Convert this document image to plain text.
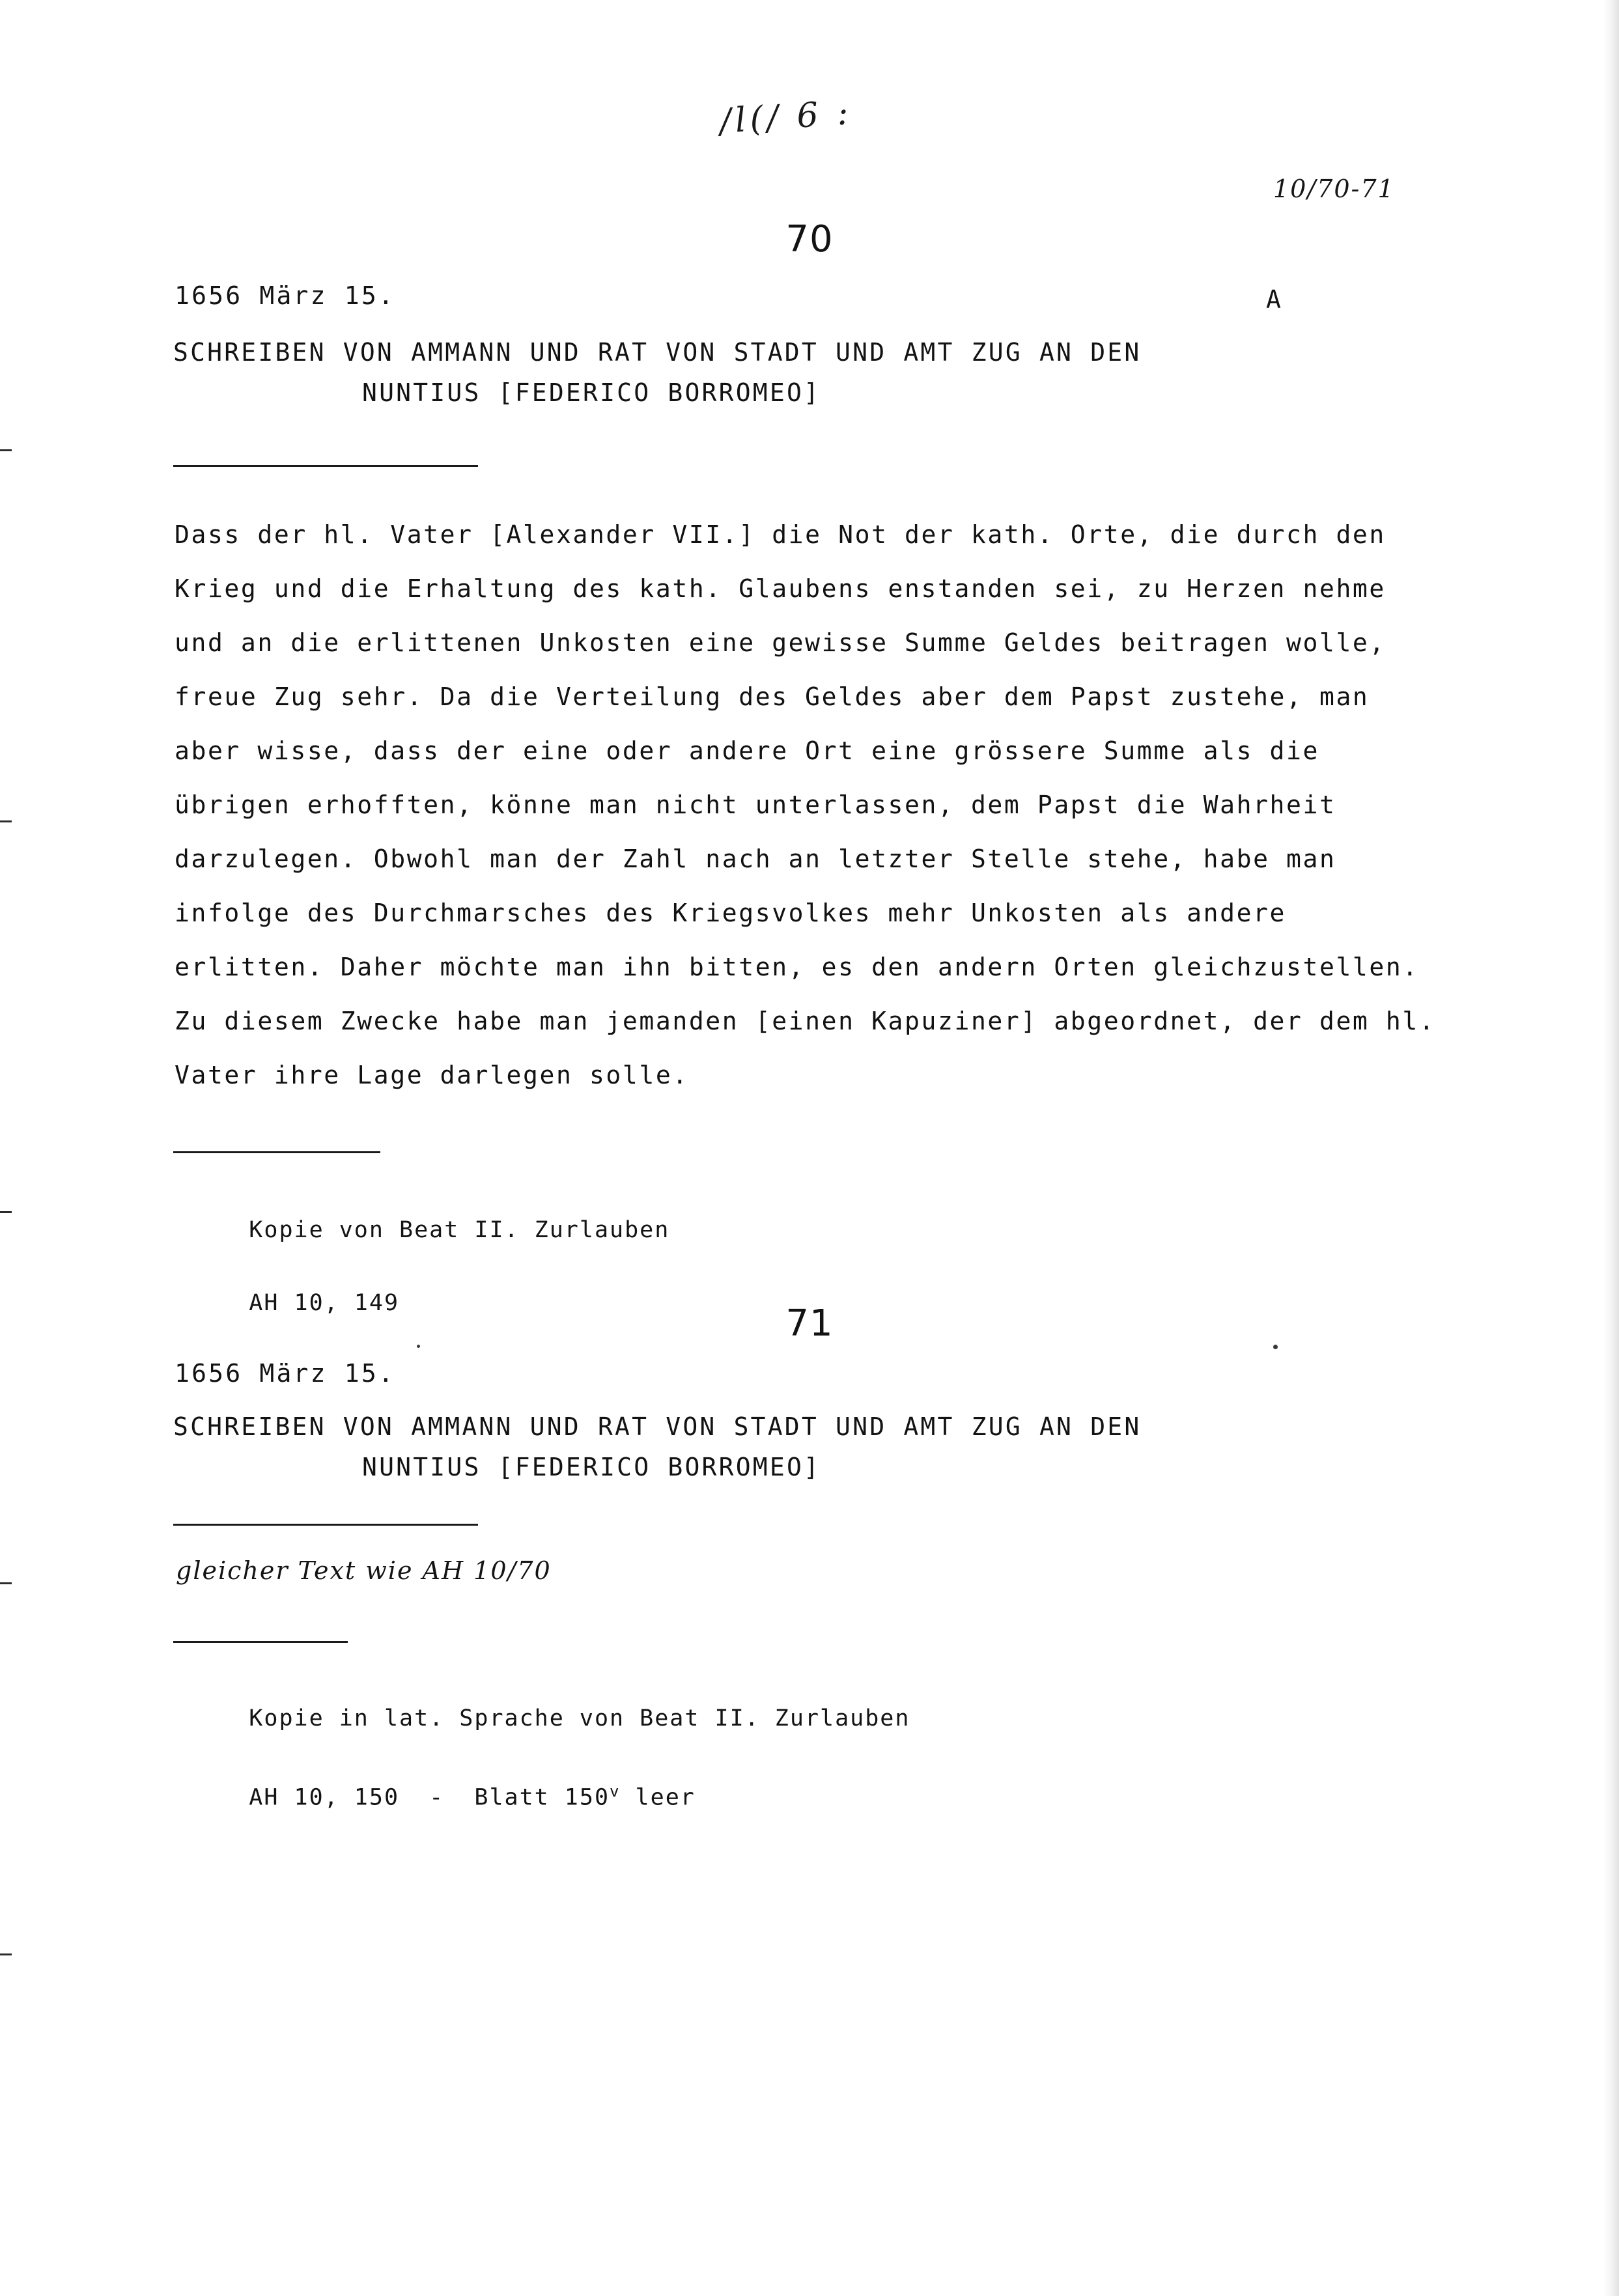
/l(/ 6 :
10/70-71
70
1656 März 15.	A
SCHREIBEN VON AMMANN UND RAT VON STADT UND AMT ZUG AN DEN
NUNTIUS [FEDERICO BORROMEO]
Dass der hl. Vater [Alexander VII.] die Not der kath. Orte, die durch den Krieg und die Erhaltung des kath. Glaubens enstanden sei, zu Herzen nehme und an die erlittenen Unkosten eine gewisse Summe Geldes beitragen wolle, freue Zug sehr. Da die Verteilung des Geldes aber dem Papst zustehe, man aber wisse, dass der eine oder andere Ort eine grössere Summe als die übrigen erhofften, könne man nicht unterlassen, dem Papst die Wahrheit darzulegen. Obwohl man der Zahl nach an letzter Stelle stehe, habe man infolge des Durchmarsches des Kriegsvolkes mehr Unkosten als andere erlitten. Daher möchte man ihn bitten, es den andern Orten gleichzustellen. Zu diesem Zwecke habe man jemanden [einen Kapuziner] abgeordnet, der dem hl. Vater ihre Lage darlegen solle.

Kopie von Beat II. Zurlauben

AH 10, 149
	71
1656 März 15.
SCHREIBEN VON AMMANN UND RAT VON STADT UND AMT ZUG AN DEN
NUNTIUS [FEDERICO BORROMEO]
gleicher Text wie AH 10/70

Kopie in lat. Sprache von Beat II. Zurlauben

AH 10, 150  -  Blatt 150$^v$ leer
